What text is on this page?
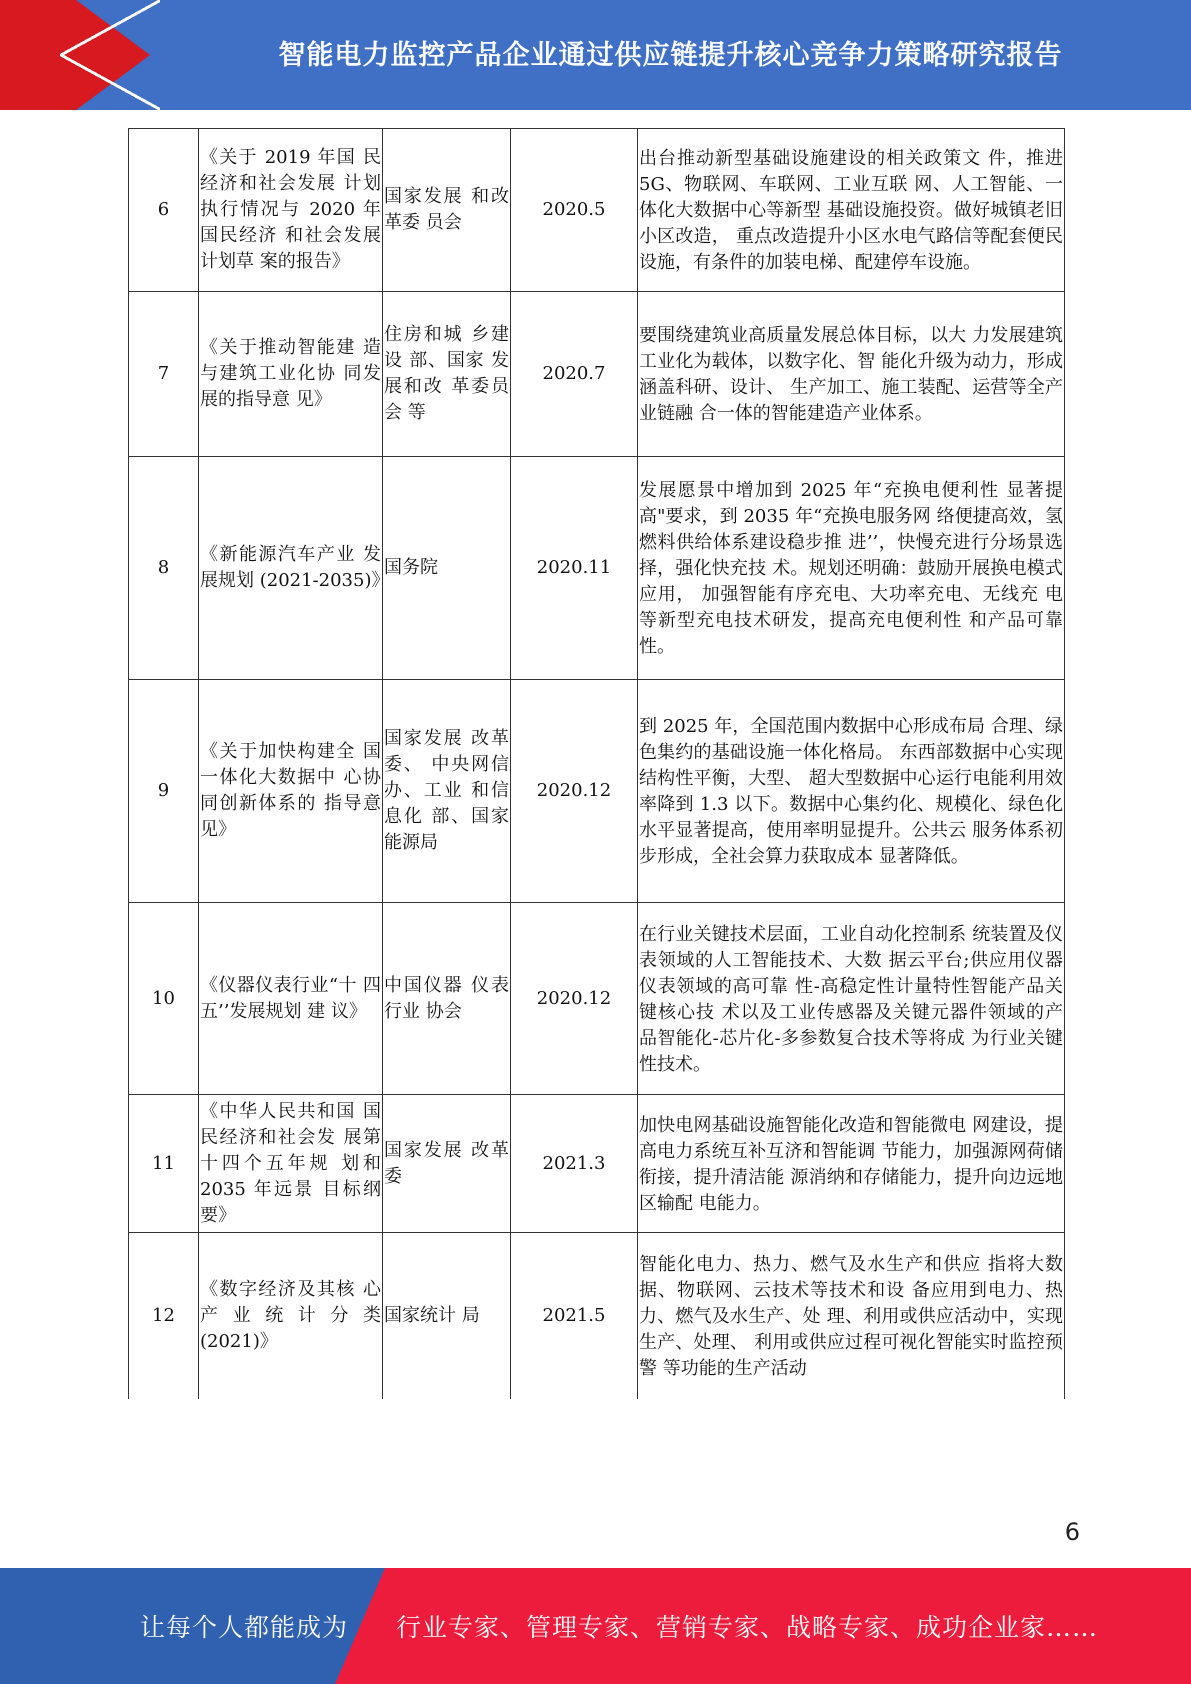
智能电力监控产品企业通过供应链提升核心竞争力策略研究报告
6	《关于 2019 年国 民经济和社会发展 计划执行情况与 2020 年国民经济 和社会发展计划草 案的报告》	国家发展 和改革委 员会	2020.5	出台推动新型基础设施建设的相关政策文 件，推进 5G、物联网、车联网、工业互联 网、人工智能、一体化大数据中心等新型 基础设施投资。做好城镇老旧小区改造， 重点改造提升小区水电气路信等配套便民 设施，有条件的加装电梯、配建停车设施。
7	《关于推动智能建 造与建筑工业化协 同发展的指导意 见》	住房和城 乡建设 部、国家 发展和改 革委员会 等	2020.7	要围绕建筑业高质量发展总体目标，以大 力发展建筑工业化为载体，以数字化、智 能化升级为动力，形成涵盖科研、设计、 生产加工、施工装配、运营等全产业链融 合一体的智能建造产业体系。
8	《新能源汽车产业 发展规划 (2021-2035)》	国务院	2020.11	发展愿景中增加到 2025 年“充换电便利性 显著提高"要求，到 2035 年“充换电服务网 络便捷高效，氢燃料供给体系建设稳步推 进’’，快慢充进行分场景选择，强化快充技 术。规划还明确：鼓励开展换电模式应用， 加强智能有序充电、大功率充电、无线充 电等新型充电技术研发，提高充电便利性 和产品可靠性。
9	《关于加快构建全 国一体化大数据中 心协同创新体系的 指导意见》	国家发展 改革委、 中央网信 办、工业 和信息化 部、国家 能源局	2020.12	到 2025 年，全国范围内数据中心形成布局 合理、绿色集约的基础设施一体化格局。 东西部数据中心实现结构性平衡，大型、 超大型数据中心运行电能利用效率降到 1.3 以下。数据中心集约化、规模化、绿色化 水平显著提高，使用率明显提升。公共云 服务体系初步形成，全社会算力获取成本 显著降低。
10	《仪器仪表行业“十 四五’’发展规划 建 议》	中国仪器 仪表行业 协会	2020.12	在行业关键技术层面，工业自动化控制系 统装置及仪表领域的人工智能技术、大数 据云平台;供应用仪器仪表领域的高可靠 性-高稳定性计量特性智能产品关键核心技 术以及工业传感器及关键元器件领域的产 品智能化-芯片化-多参数复合技术等将成 为行业关键性技术。
11	《中华人民共和国 国民经济和社会发 展第十四个五年规 划和 2035 年远景 目标纲要》	国家发展 改革委	2021.3	加快电网基础设施智能化改造和智能微电 网建设，提高电力系统互补互济和智能调 节能力，加强源网荷储衔接，提升清洁能 源消纳和存储能力，提升向边远地区输配 电能力。
12	《数字经济及其核 心产业统计分类 (2021)》	国家统计 局	2021.5	智能化电力、热力、燃气及水生产和供应 指将大数据、物联网、云技术等技术和设 备应用到电力、热力、燃气及水生产、处 理、利用或供应活动中，实现生产、处理、 利用或供应过程可视化智能实时监控预警 等功能的生产活动
6
让每个人都能成为 行业专家、管理专家、营销专家、战略专家、成功企业家……
